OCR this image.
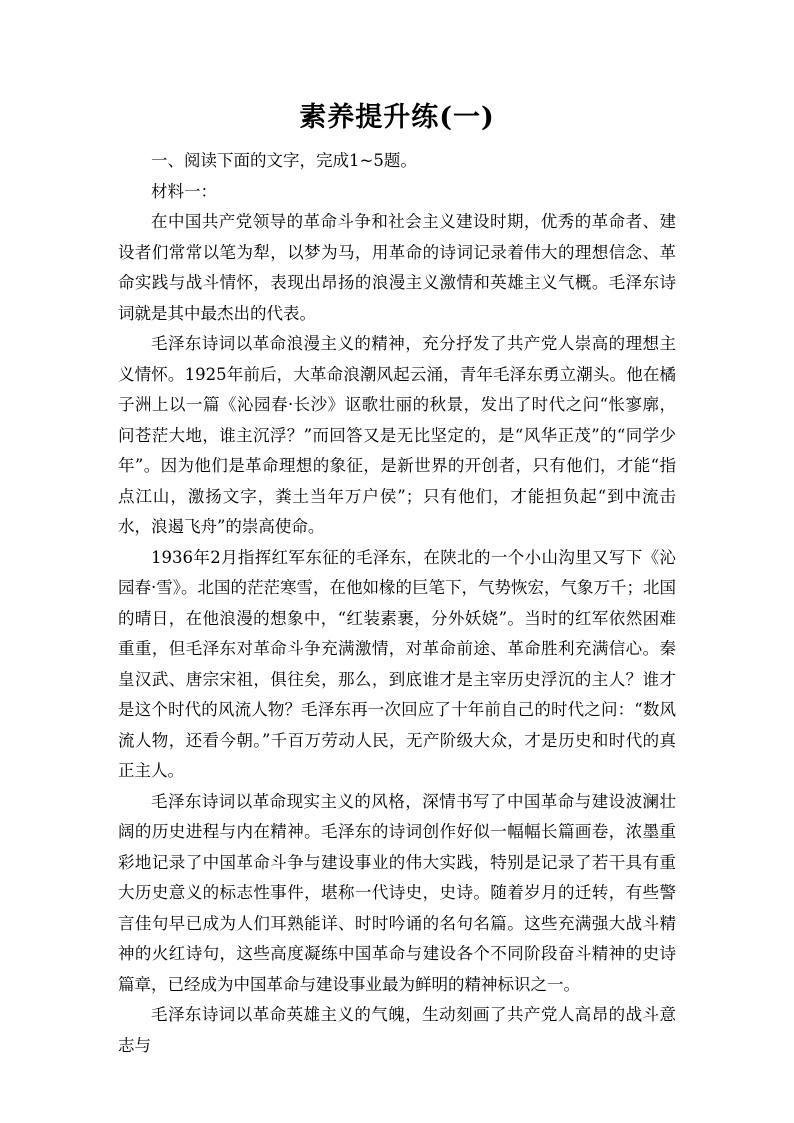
素养提升练(一)

一、阅读下面的文字，完成1~5题。

材料一：

在中国共产党领导的革命斗争和社会主义建设时期，优秀的革命者、建设者们常常以笔为犁，以梦为马，用革命的诗词记录着伟大的理想信念、革命实践与战斗情怀，表现出昂扬的浪漫主义激情和英雄主义气概。毛泽东诗词就是其中最杰出的代表。

毛泽东诗词以革命浪漫主义的精神，充分抒发了共产党人崇高的理想主义情怀。1925年前后，大革命浪潮风起云涌，青年毛泽东勇立潮头。他在橘子洲上以一篇《沁园春·长沙》讴歌壮丽的秋景，发出了时代之问“怅寥廓，问苍茫大地，谁主沉浮？”而回答又是无比坚定的，是“风华正茂”的“同学少年”。因为他们是革命理想的象征，是新世界的开创者，只有他们，才能“指点江山，激扬文字，粪土当年万户侯”；只有他们，才能担负起“到中流击水，浪遏飞舟”的崇高使命。

1936年2月指挥红军东征的毛泽东，在陕北的一个小山沟里又写下《沁园春·雪》。北国的茫茫寒雪，在他如椽的巨笔下，气势恢宏，气象万千；北国的晴日，在他浪漫的想象中，“红装素裹，分外妖娆”。当时的红军依然困难重重，但毛泽东对革命斗争充满激情，对革命前途、革命胜利充满信心。秦皇汉武、唐宗宋祖，俱往矣，那么，到底谁才是主宰历史浮沉的主人？谁才是这个时代的风流人物？毛泽东再一次回应了十年前自己的时代之问：“数风流人物，还看今朝。”千百万劳动人民，无产阶级大众，才是历史和时代的真正主人。

毛泽东诗词以革命现实主义的风格，深情书写了中国革命与建设波澜壮阔的历史进程与内在精神。毛泽东的诗词创作好似一幅幅长篇画卷，浓墨重彩地记录了中国革命斗争与建设事业的伟大实践，特别是记录了若干具有重大历史意义的标志性事件，堪称一代诗史，史诗。随着岁月的迁转，有些警言佳句早已成为人们耳熟能详、时时吟诵的名句名篇。这些充满强大战斗精神的火红诗句，这些高度凝练中国革命与建设各个不同阶段奋斗精神的史诗篇章，已经成为中国革命与建设事业最为鲜明的精神标识之一。

毛泽东诗词以革命英雄主义的气魄，生动刻画了共产党人高昂的战斗意志与
